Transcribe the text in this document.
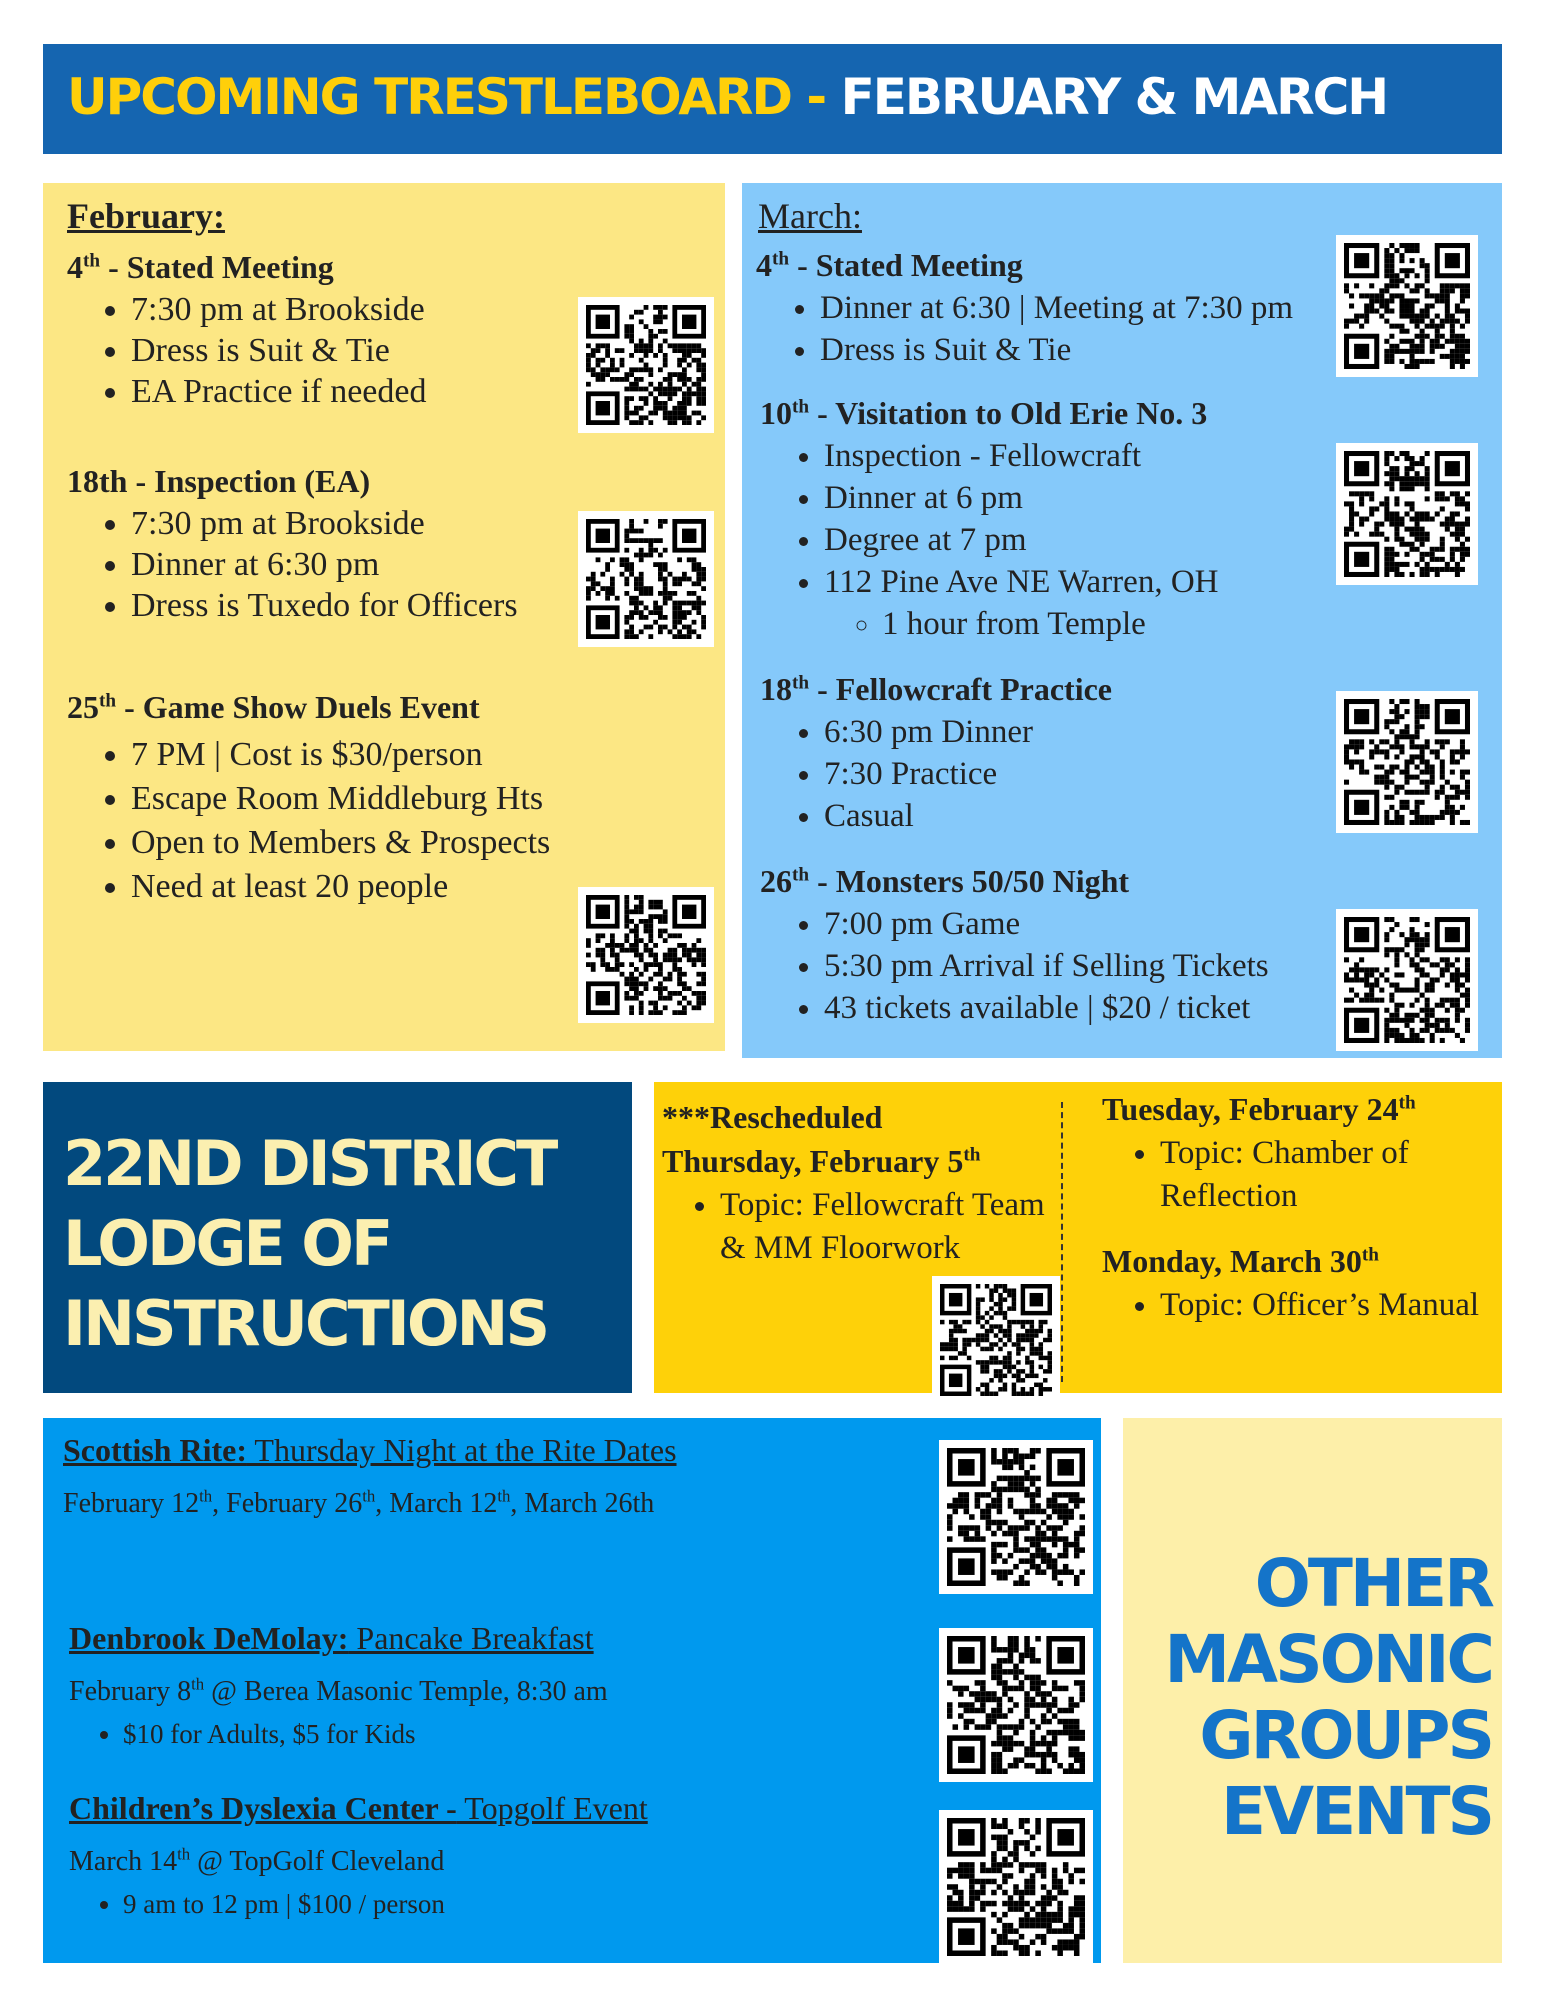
UPCOMING TRESTLEBOARD - FEBRUARY & MARCH
February:
4th - Stated Meeting
• 7:30 pm at Brookside
• Dress is Suit & Tie
• EA Practice if needed
18th - Inspection (EA)
• 7:30 pm at Brookside
• Dinner at 6:30 pm
• Dress is Tuxedo for Officers
25th - Game Show Duels Event
• 7 PM | Cost is $30/person
• Escape Room Middleburg Hts
• Open to Members & Prospects
• Need at least 20 people
March:
4th - Stated Meeting
• Dinner at 6:30 | Meeting at 7:30 pm
• Dress is Suit & Tie
10th - Visitation to Old Erie No. 3
• Inspection - Fellowcraft
• Dinner at 6 pm
• Degree at 7 pm
• 112 Pine Ave NE Warren, OH
◦ 1 hour from Temple
18th - Fellowcraft Practice
• 6:30 pm Dinner
• 7:30 Practice
• Casual
26th - Monsters 50/50 Night
• 7:00 pm Game
• 5:30 pm Arrival if Selling Tickets
• 43 tickets available | $20 / ticket
22ND DISTRICT
LODGE OF
INSTRUCTIONS
***Rescheduled
Thursday, February 5th
• Topic: Fellowcraft Team & MM Floorwork
Tuesday, February 24th
• Topic: Chamber of Reflection
Monday, March 30th
• Topic: Officer’s Manual
Scottish Rite: Thursday Night at the Rite Dates
February 12th, February 26th, March 12th, March 26th
Denbrook DeMolay: Pancake Breakfast
February 8th @ Berea Masonic Temple, 8:30 am
• $10 for Adults, $5 for Kids
Children’s Dyslexia Center - Topgolf Event
March 14th @ TopGolf Cleveland
• 9 am to 12 pm | $100 / person
OTHER
MASONIC
GROUPS
EVENTS
